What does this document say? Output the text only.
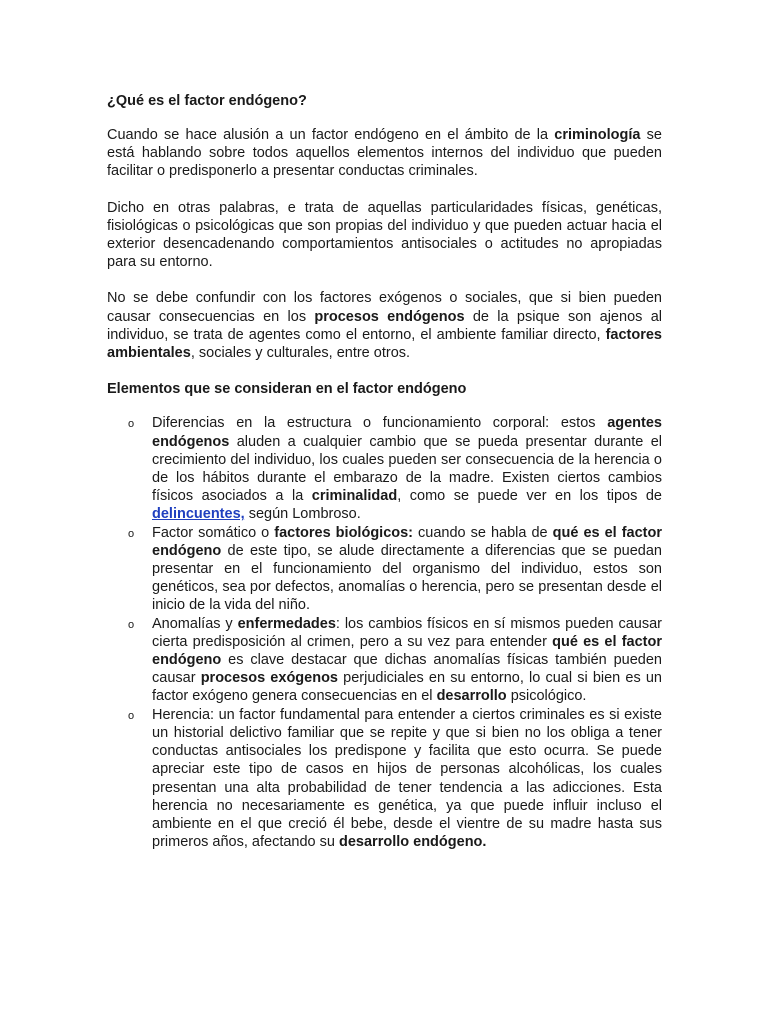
¿Qué es el factor endógeno?

Cuando se hace alusión a un factor endógeno en el ámbito de la criminología se está hablando sobre todos aquellos elementos internos del individuo que pueden facilitar o predisponerlo a presentar conductas criminales.

Dicho en otras palabras, e trata de aquellas particularidades físicas, genéticas, fisiológicas o psicológicas que son propias del individuo y que pueden actuar hacia el exterior desencadenando comportamientos antisociales o actitudes no apropiadas para su entorno.

No se debe confundir con los factores exógenos o sociales, que si bien pueden causar consecuencias en los procesos endógenos de la psique son ajenos al individuo, se trata de agentes como el entorno, el ambiente familiar directo, factores ambientales, sociales y culturales, entre otros.

Elementos que se consideran en el factor endógeno
o Diferencias en la estructura o funcionamiento corporal: estos agentes endógenos aluden a cualquier cambio que se pueda presentar durante el crecimiento del individuo, los cuales pueden ser consecuencia de la herencia o de los hábitos durante el embarazo de la madre. Existen ciertos cambios físicos asociados a la criminalidad, como se puede ver en los tipos de delincuentes, según Lombroso.
o Factor somático o factores biológicos: cuando se habla de qué es el factor endógeno de este tipo, se alude directamente a diferencias que se puedan presentar en el funcionamiento del organismo del individuo, estos son genéticos, sea por defectos, anomalías o herencia, pero se presentan desde el inicio de la vida del niño.
o Anomalías y enfermedades: los cambios físicos en sí mismos pueden causar cierta predisposición al crimen, pero a su vez para entender qué es el factor endógeno es clave destacar que dichas anomalías físicas también pueden causar procesos exógenos perjudiciales en su entorno, lo cual si bien es un factor exógeno genera consecuencias en el desarrollo psicológico.
o Herencia: un factor fundamental para entender a ciertos criminales es si existe un historial delictivo familiar que se repite y que si bien no los obliga a tener conductas antisociales los predispone y facilita que esto ocurra. Se puede apreciar este tipo de casos en hijos de personas alcohólicas, los cuales presentan una alta probabilidad de tener tendencia a las adicciones. Esta herencia no necesariamente es genética, ya que puede influir incluso el ambiente en el que creció él bebe, desde el vientre de su madre hasta sus primeros años, afectando su desarrollo endógeno.
